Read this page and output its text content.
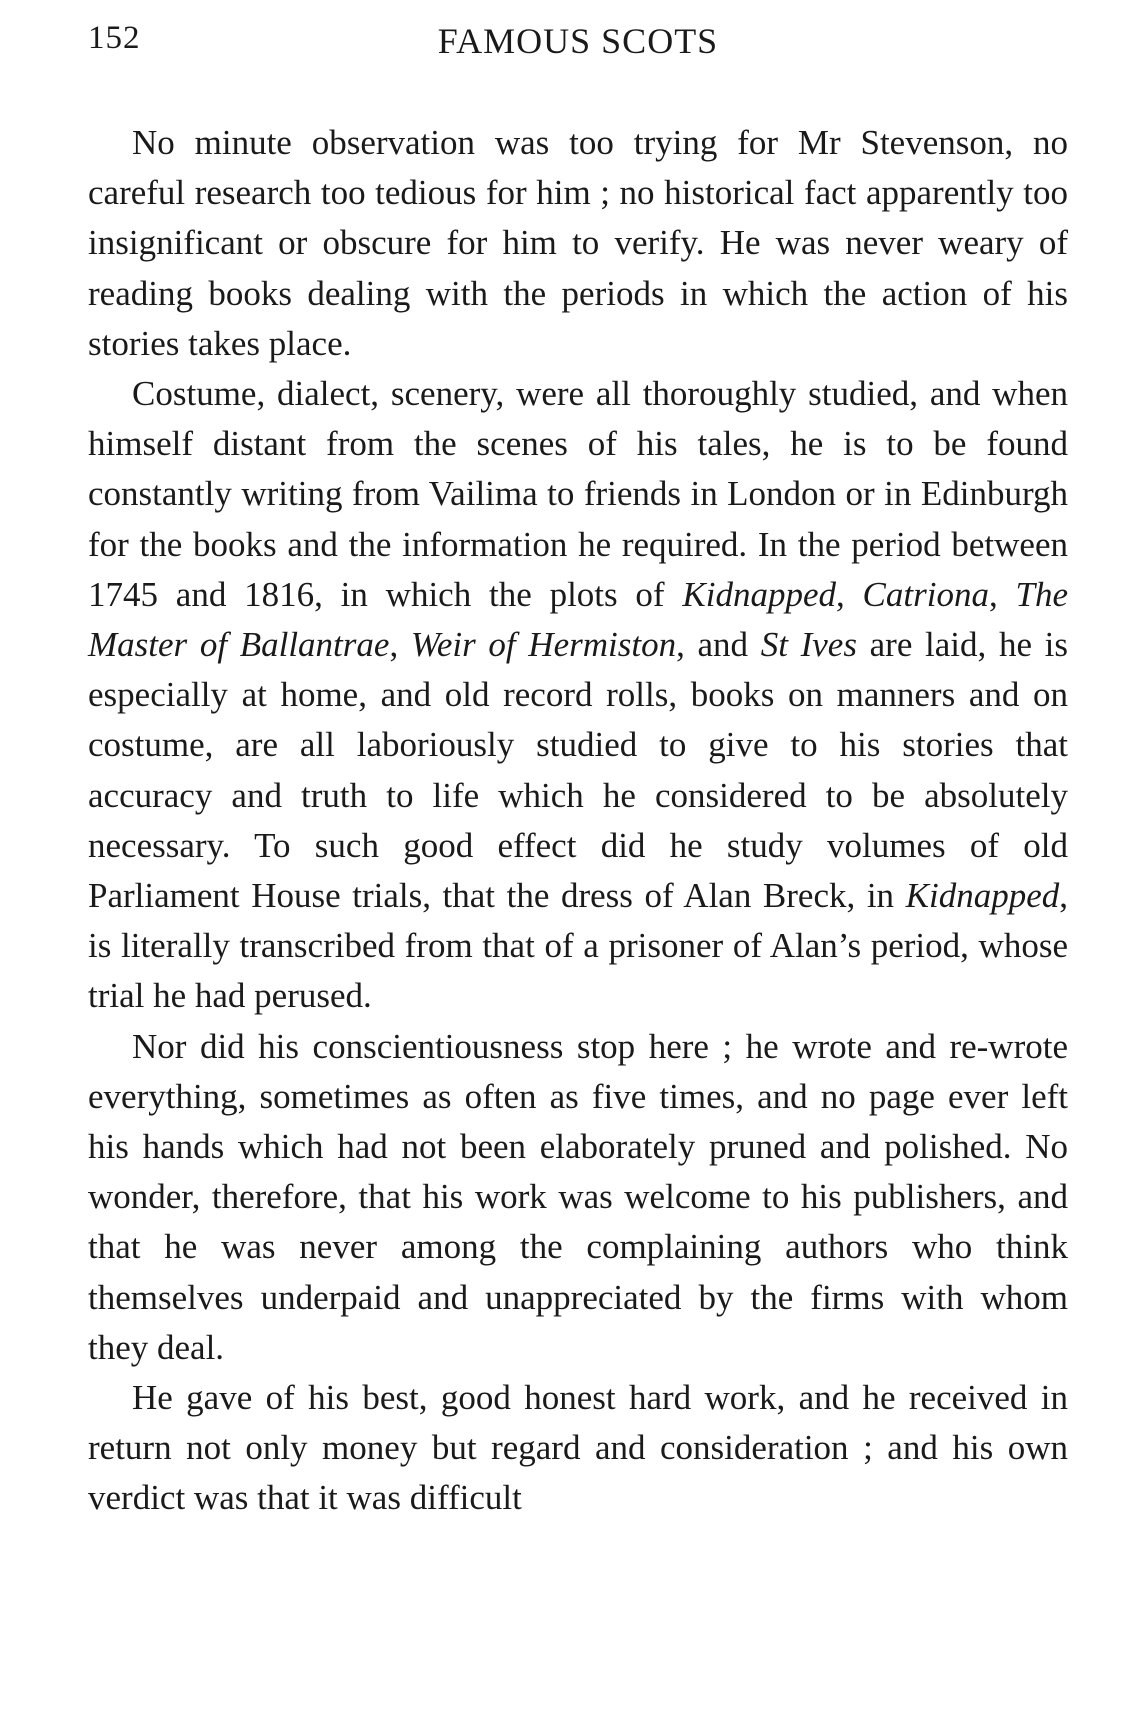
152	FAMOUS SCOTS

No minute observation was too trying for Mr Stevenson, no careful research too tedious for him ; no historical fact apparently too insignificant or obscure for him to verify. He was never weary of reading books dealing with the periods in which the action of his stories takes place.

Costume, dialect, scenery, were all thoroughly studied, and when himself distant from the scenes of his tales, he is to be found constantly writing from Vailima to friends in London or in Edinburgh for the books and the information he required. In the period between 1745 and 1816, in which the plots of Kidnapped, Catriona, The Master of Ballantrae, Weir of Hermiston, and St Ives are laid, he is especially at home, and old record rolls, books on manners and on costume, are all laboriously studied to give to his stories that accuracy and truth to life which he considered to be absolutely necessary. To such good effect did he study volumes of old Parliament House trials, that the dress of Alan Breck, in Kidnapped, is literally transcribed from that of a prisoner of Alan’s period, whose trial he had perused.

Nor did his conscientiousness stop here ; he wrote and re-wrote everything, sometimes as often as five times, and no page ever left his hands which had not been elaborately pruned and polished. No wonder, therefore, that his work was welcome to his publishers, and that he was never among the complaining authors who think themselves underpaid and unappreciated by the firms with whom they deal.

He gave of his best, good honest hard work, and he received in return not only money but regard and consideration ; and his own verdict was that it was difficult
